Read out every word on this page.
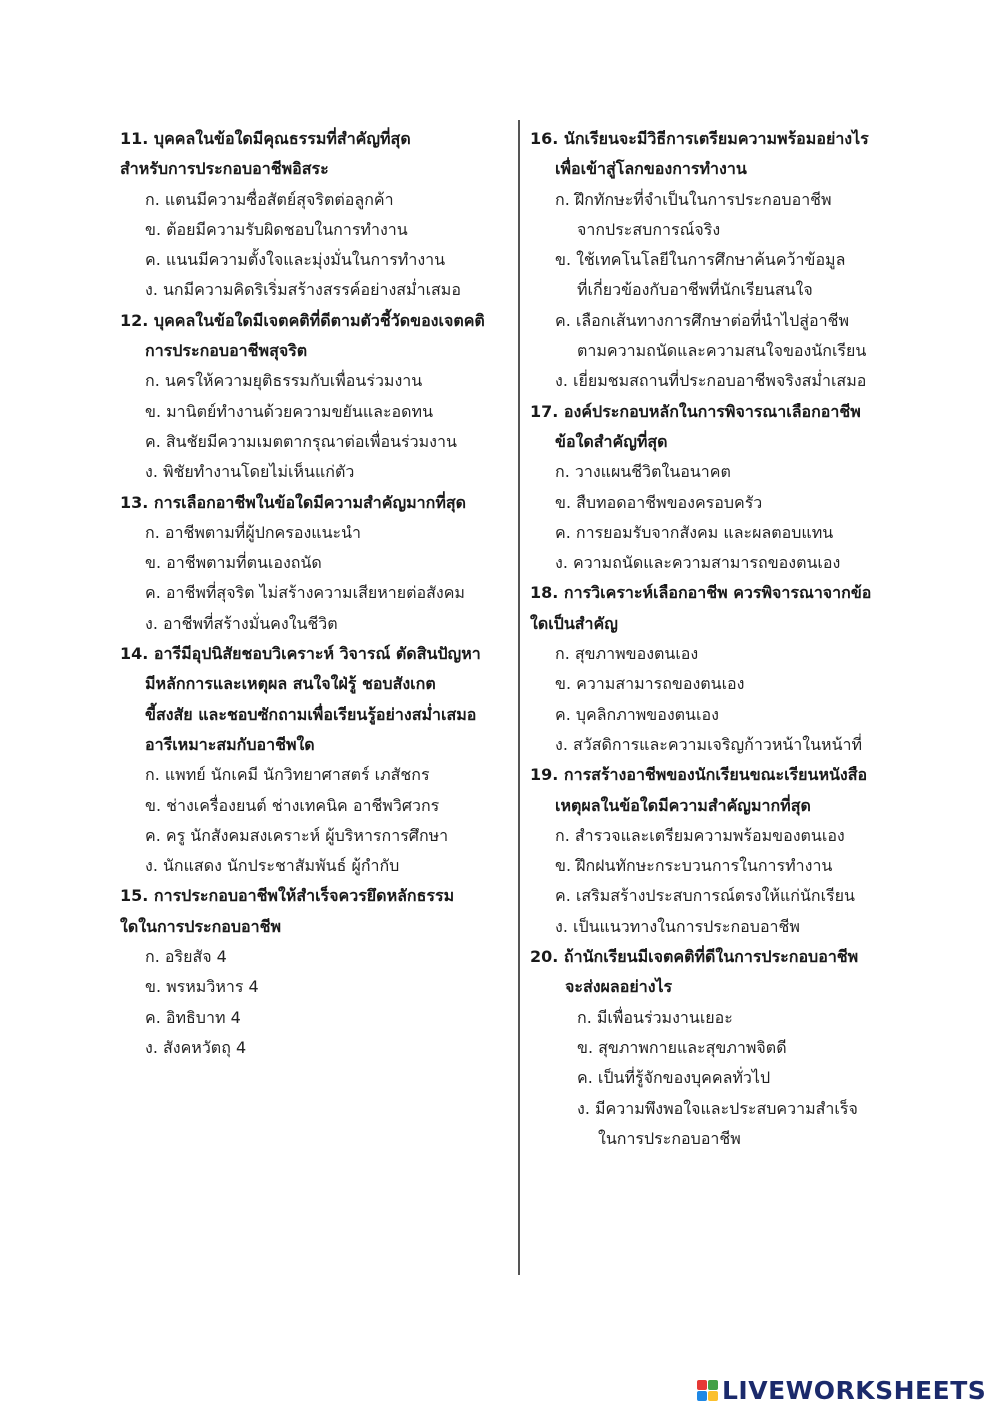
11. บุคคลในข้อใดมีคุณธรรมที่สำคัญที่สุด
สำหรับการประกอบอาชีพอิสระ
ก. แตนมีความซื่อสัตย์สุจริตต่อลูกค้า
ข. ต้อยมีความรับผิดชอบในการทำงาน
ค. แนนมีความตั้งใจและมุ่งมั่นในการทำงาน
ง. นกมีความคิดริเริ่มสร้างสรรค์อย่างสม่ำเสมอ
12. บุคคลในข้อใดมีเจตคติที่ดีตามตัวชี้วัดของเจตคติ
การประกอบอาชีพสุจริต
ก. นครให้ความยุติธรรมกับเพื่อนร่วมงาน
ข. มานิตย์ทำงานด้วยความขยันและอดทน
ค. สินชัยมีความเมตตากรุณาต่อเพื่อนร่วมงาน
ง. พิชัยทำงานโดยไม่เห็นแก่ตัว
13. การเลือกอาชีพในข้อใดมีความสำคัญมากที่สุด
ก. อาชีพตามที่ผู้ปกครองแนะนำ
ข. อาชีพตามที่ตนเองถนัด
ค. อาชีพที่สุจริต ไม่สร้างความเสียหายต่อสังคม
ง. อาชีพที่สร้างมั่นคงในชีวิต
14. อารีมีอุปนิสัยชอบวิเคราะห์ วิจารณ์ ตัดสินปัญหา
มีหลักการและเหตุผล สนใจใฝ่รู้ ชอบสังเกต
ขี้สงสัย และชอบซักถามเพื่อเรียนรู้อย่างสม่ำเสมอ
อารีเหมาะสมกับอาชีพใด
ก. แพทย์ นักเคมี นักวิทยาศาสตร์ เภสัชกร
ข. ช่างเครื่องยนต์ ช่างเทคนิค อาชีพวิศวกร
ค. ครู นักสังคมสงเคราะห์ ผู้บริหารการศึกษา
ง. นักแสดง นักประชาสัมพันธ์ ผู้กำกับ
15. การประกอบอาชีพให้สำเร็จควรยึดหลักธรรม
ใดในการประกอบอาชีพ
ก. อริยสัจ 4
ข. พรหมวิหาร 4
ค. อิทธิบาท 4
ง. สังคหวัตถุ 4
16. นักเรียนจะมีวิธีการเตรียมความพร้อมอย่างไร
เพื่อเข้าสู่โลกของการทำงาน
ก. ฝึกทักษะที่จำเป็นในการประกอบอาชีพ
จากประสบการณ์จริง
ข. ใช้เทคโนโลยีในการศึกษาค้นคว้าข้อมูล
ที่เกี่ยวข้องกับอาชีพที่นักเรียนสนใจ
ค. เลือกเส้นทางการศึกษาต่อที่นำไปสู่อาชีพ
ตามความถนัดและความสนใจของนักเรียน
ง. เยี่ยมชมสถานที่ประกอบอาชีพจริงสม่ำเสมอ
17. องค์ประกอบหลักในการพิจารณาเลือกอาชีพ
ข้อใดสำคัญที่สุด
ก. วางแผนชีวิตในอนาคต
ข. สืบทอดอาชีพของครอบครัว
ค. การยอมรับจากสังคม และผลตอบแทน
ง. ความถนัดและความสามารถของตนเอง
18. การวิเคราะห์เลือกอาชีพ ควรพิจารณาจากข้อ
ใดเป็นสำคัญ
ก. สุขภาพของตนเอง
ข. ความสามารถของตนเอง
ค. บุคลิกภาพของตนเอง
ง. สวัสดิการและความเจริญก้าวหน้าในหน้าที่
19. การสร้างอาชีพของนักเรียนขณะเรียนหนังสือ
เหตุผลในข้อใดมีความสำคัญมากที่สุด
ก. สำรวจและเตรียมความพร้อมของตนเอง
ข. ฝึกฝนทักษะกระบวนการในการทำงาน
ค. เสริมสร้างประสบการณ์ตรงให้แก่นักเรียน
ง. เป็นแนวทางในการประกอบอาชีพ
20. ถ้านักเรียนมีเจตคติที่ดีในการประกอบอาชีพ
จะส่งผลอย่างไร
ก. มีเพื่อนร่วมงานเยอะ
ข. สุขภาพกายและสุขภาพจิตดี
ค. เป็นที่รู้จักของบุคคลทั่วไป
ง. มีความพึงพอใจและประสบความสำเร็จ
ในการประกอบอาชีพ
LIVEWORKSHEETS
